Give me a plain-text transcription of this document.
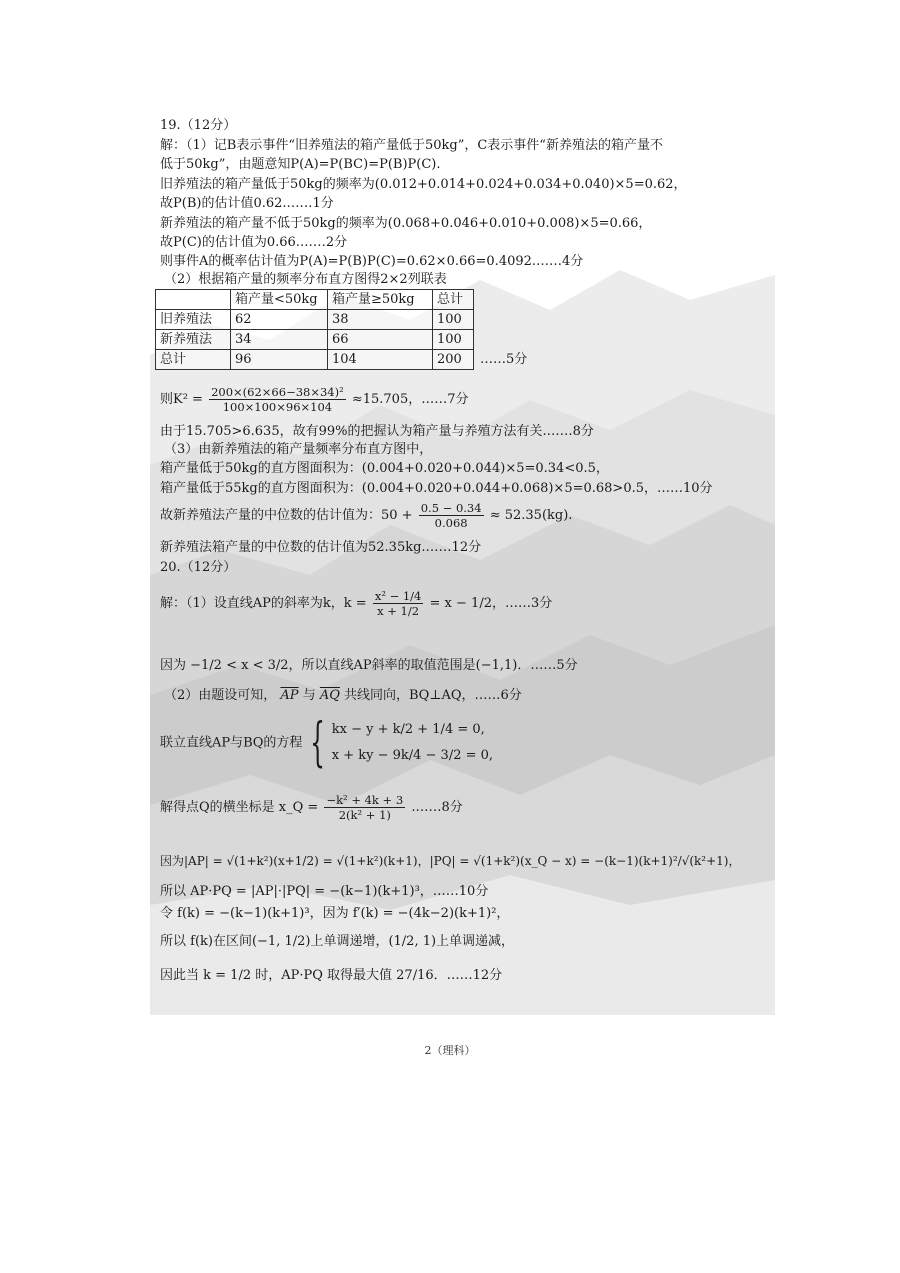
19.（12分）
解：（1）记B表示事件“旧养殖法的箱产量低于50kg”，C表示事件“新养殖法的箱产量不
低于50kg”，由题意知P(A)=P(BC)=P(B)P(C).
旧养殖法的箱产量低于50kg的频率为(0.012+0.014+0.024+0.034+0.040)×5=0.62，
故P(B)的估计值0.62.……1分
新养殖法的箱产量不低于50kg的频率为(0.068+0.046+0.010+0.008)×5=0.66，
故P(C)的估计值为0.66.……2分
则事件A的概率估计值为P(A)=P(B)P(C)=0.62×0.66=0.4092.……4分
（2）根据箱产量的频率分布直方图得2×2列联表
	箱产量<50kg	箱产量≥50kg	总计	
旧养殖法	62	38	100	
新养殖法	34	66	100	
总计	96	104	200	……5分
则$K^2 = \frac{\text{200×(62×66−38×34)²}}{100\times 100\times 96\times 104} \approx 15.705$，……7分
由于15.705>6.635，故有99%的把握认为箱产量与养殖方法有关.……8分
（3）由新养殖法的箱产量频率分布直方图中，
箱产量低于50kg的直方图面积为：(0.004+0.020+0.044)×5=0.34<0.5，
箱产量低于55kg的直方图面积为：(0.004+0.020+0.044+0.068)×5=0.68>0.5，……10分
故新养殖法产量的中位数的估计值为：$50 + \frac{0.5 - 0.34}{0.068} \approx 52.35(kg)$.
新养殖法箱产量的中位数的估计值为52.35kg.……12分
20.（12分）
解：（1）设直线AP的斜率为k，$k = \frac{\text{x² − 1/4}}{x + 1/2} = x - 1/2$，……3分
因为 −1/2 < x < 3/2，所以直线AP斜率的取值范围是(−1,1)．……5分
（2）由题设可知， $\overline{AP}$ 与 $\overline{AQ}$ 共线同向，BQ⊥AQ，……6分
联立直线AP与BQ的方程 { kx − y + k/2 + 1/4 = 0,
x + ky − 9k/4 − 3/2 = 0,
解得点Q的横坐标是 x_Q = $\frac{\text{−k² + 4k + 3}}{\text{2(k² + 1)}}$ .……8分
因为|AP| = √(1+k²)(x+1/2) = √(1+k²)(k+1)，|PQ| = √(1+k²)(x_Q − x) = −(k−1)(k+1)²/√(k²+1)，
所以 AP·PQ = |AP|·|PQ| = −(k−1)(k+1)³，……10分
令 f(k) = −(k−1)(k+1)³，因为 f′(k) = −(4k−2)(k+1)²，
所以 f(k)在区间(−1, 1/2)上单调递增，(1/2, 1)上单调递减，
因此当 k = 1/2 时，AP·PQ 取得最大值 27/16．……12分
2（理科）
